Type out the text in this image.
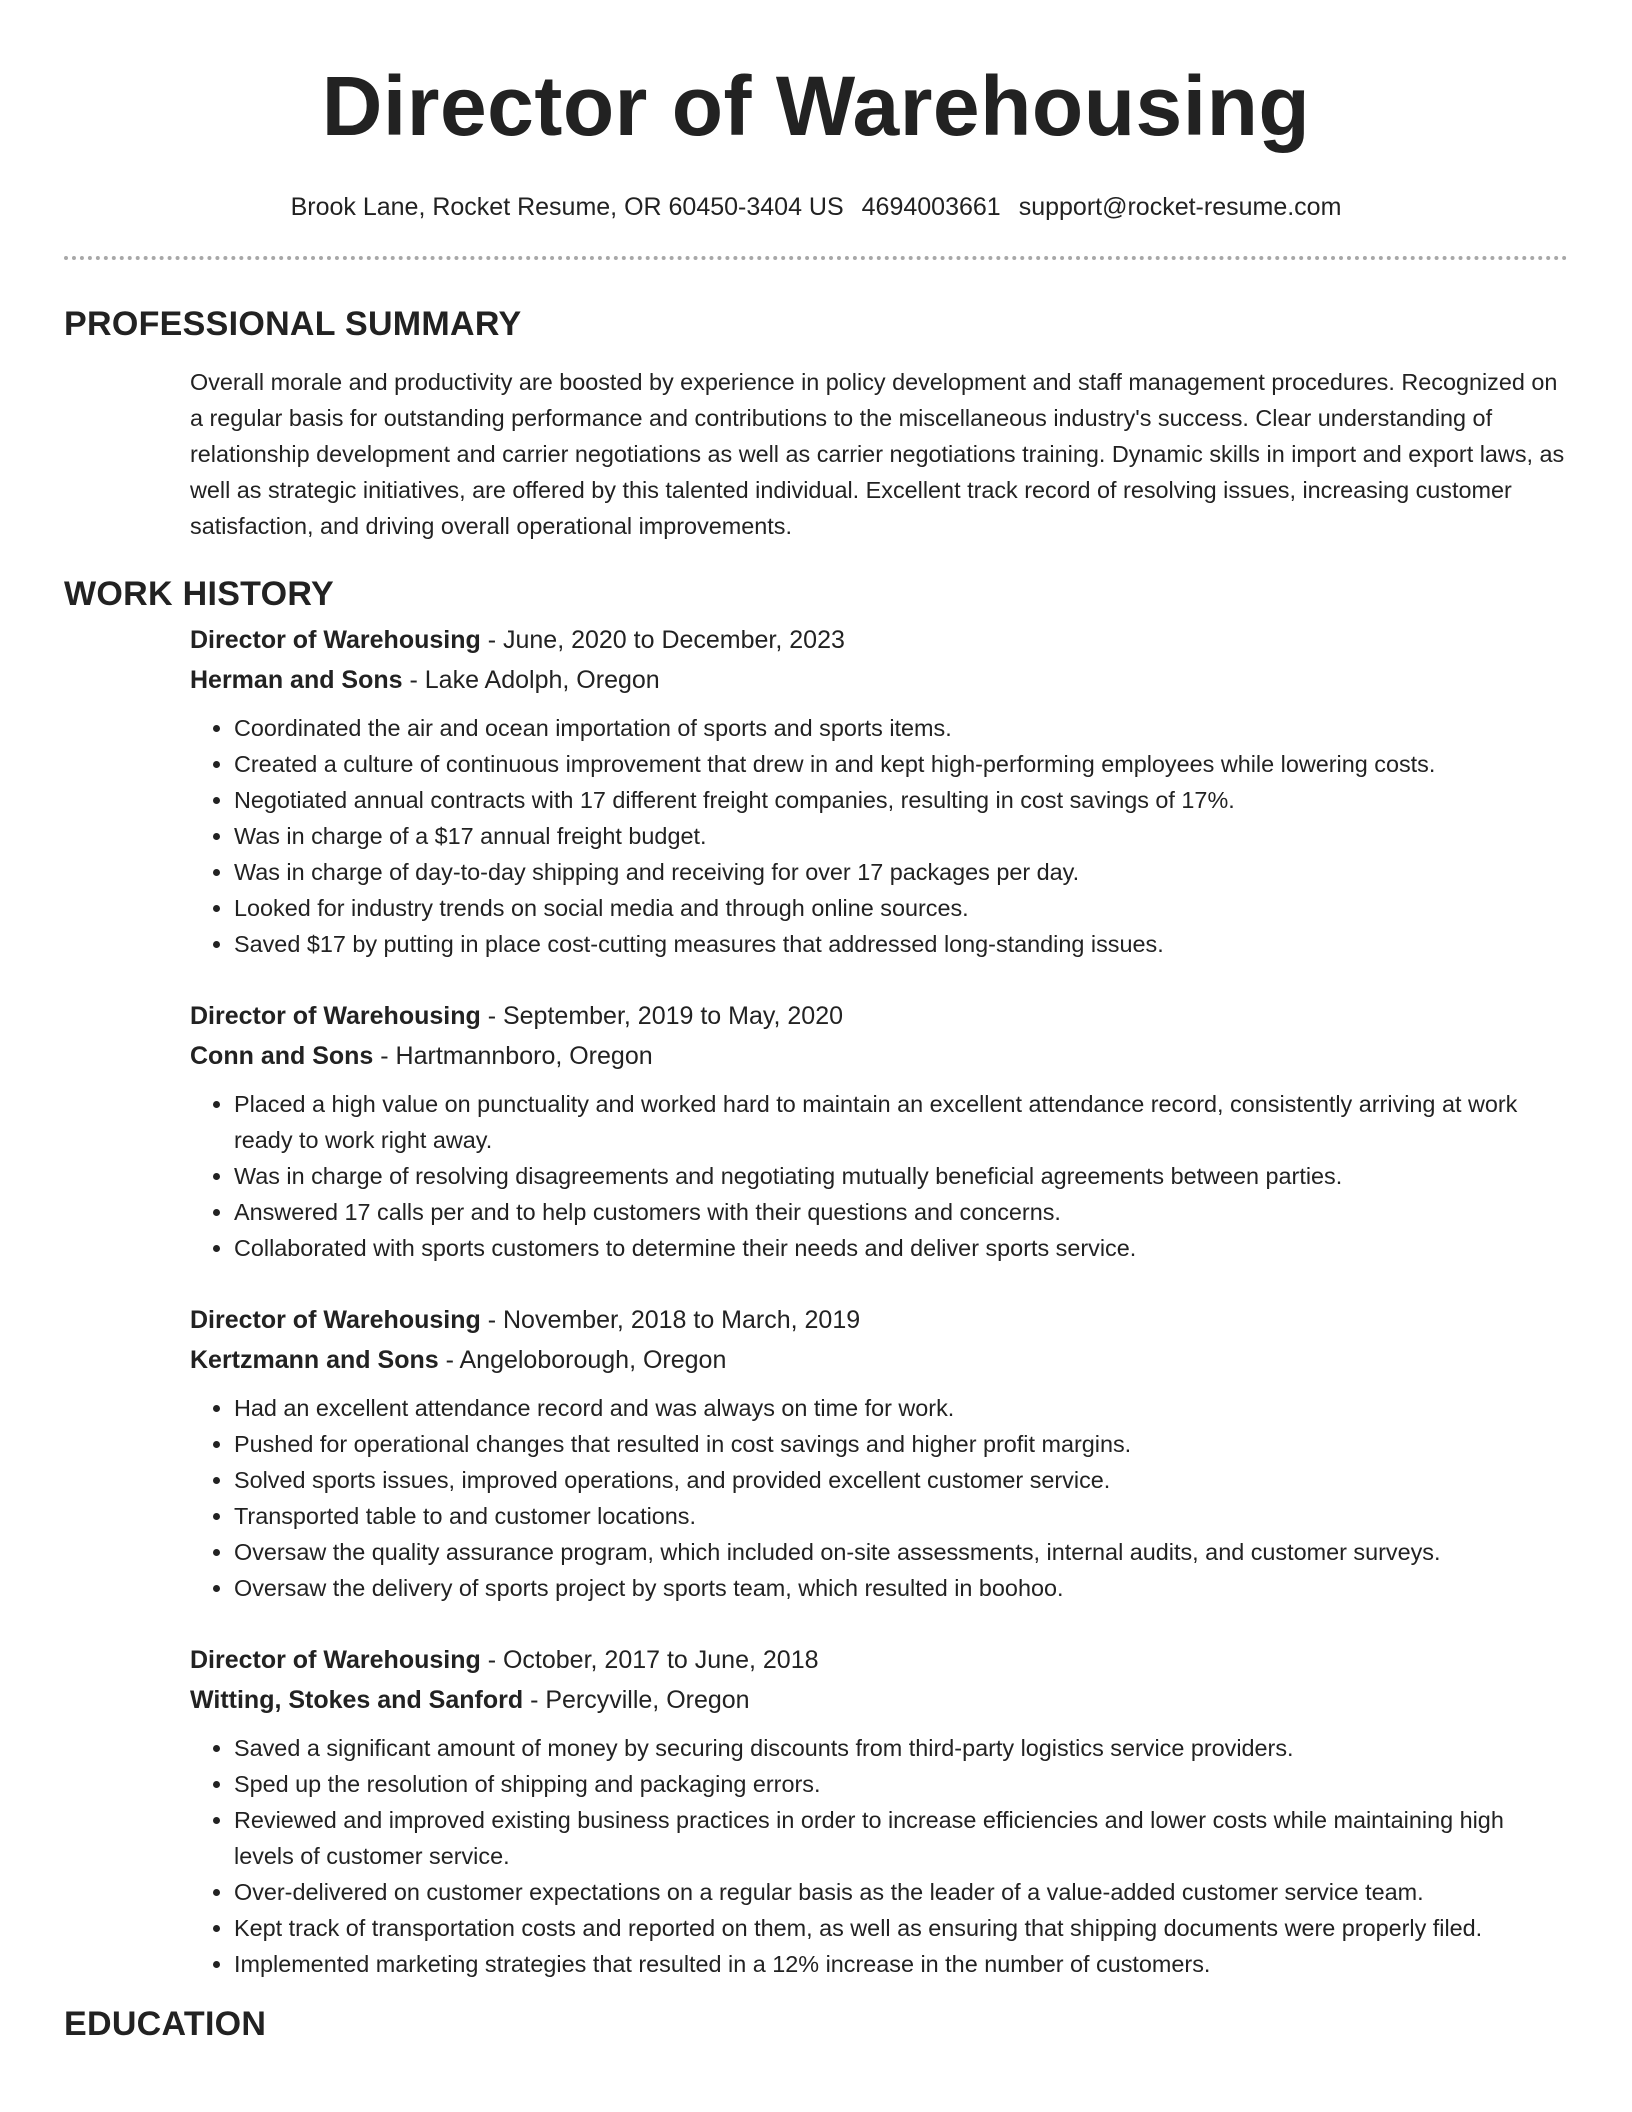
Director of Warehousing
Brook Lane, Rocket Resume, OR 60450-3404 US 4694003661 support@rocket-resume.com
PROFESSIONAL SUMMARY
Overall morale and productivity are boosted by experience in policy development and staff management procedures. Recognized on a regular basis for outstanding performance and contributions to the miscellaneous industry's success. Clear understanding of relationship development and carrier negotiations as well as carrier negotiations training. Dynamic skills in import and export laws, as well as strategic initiatives, are offered by this talented individual. Excellent track record of resolving issues, increasing customer satisfaction, and driving overall operational improvements.
WORK HISTORY
Director of Warehousing - June, 2020 to December, 2023
Herman and Sons - Lake Adolph, Oregon
• Coordinated the air and ocean importation of sports and sports items.
• Created a culture of continuous improvement that drew in and kept high-performing employees while lowering costs.
• Negotiated annual contracts with 17 different freight companies, resulting in cost savings of 17%.
• Was in charge of a $17 annual freight budget.
• Was in charge of day-to-day shipping and receiving for over 17 packages per day.
• Looked for industry trends on social media and through online sources.
• Saved $17 by putting in place cost-cutting measures that addressed long-standing issues.
Director of Warehousing - September, 2019 to May, 2020
Conn and Sons - Hartmannboro, Oregon
• Placed a high value on punctuality and worked hard to maintain an excellent attendance record, consistently arriving at work ready to work right away.
• Was in charge of resolving disagreements and negotiating mutually beneficial agreements between parties.
• Answered 17 calls per and to help customers with their questions and concerns.
• Collaborated with sports customers to determine their needs and deliver sports service.
Director of Warehousing - November, 2018 to March, 2019
Kertzmann and Sons - Angeloborough, Oregon
• Had an excellent attendance record and was always on time for work.
• Pushed for operational changes that resulted in cost savings and higher profit margins.
• Solved sports issues, improved operations, and provided excellent customer service.
• Transported table to and customer locations.
• Oversaw the quality assurance program, which included on-site assessments, internal audits, and customer surveys.
• Oversaw the delivery of sports project by sports team, which resulted in boohoo.
Director of Warehousing - October, 2017 to June, 2018
Witting, Stokes and Sanford - Percyville, Oregon
• Saved a significant amount of money by securing discounts from third-party logistics service providers.
• Sped up the resolution of shipping and packaging errors.
• Reviewed and improved existing business practices in order to increase efficiencies and lower costs while maintaining high levels of customer service.
• Over-delivered on customer expectations on a regular basis as the leader of a value-added customer service team.
• Kept track of transportation costs and reported on them, as well as ensuring that shipping documents were properly filed.
• Implemented marketing strategies that resulted in a 12% increase in the number of customers.
EDUCATION
